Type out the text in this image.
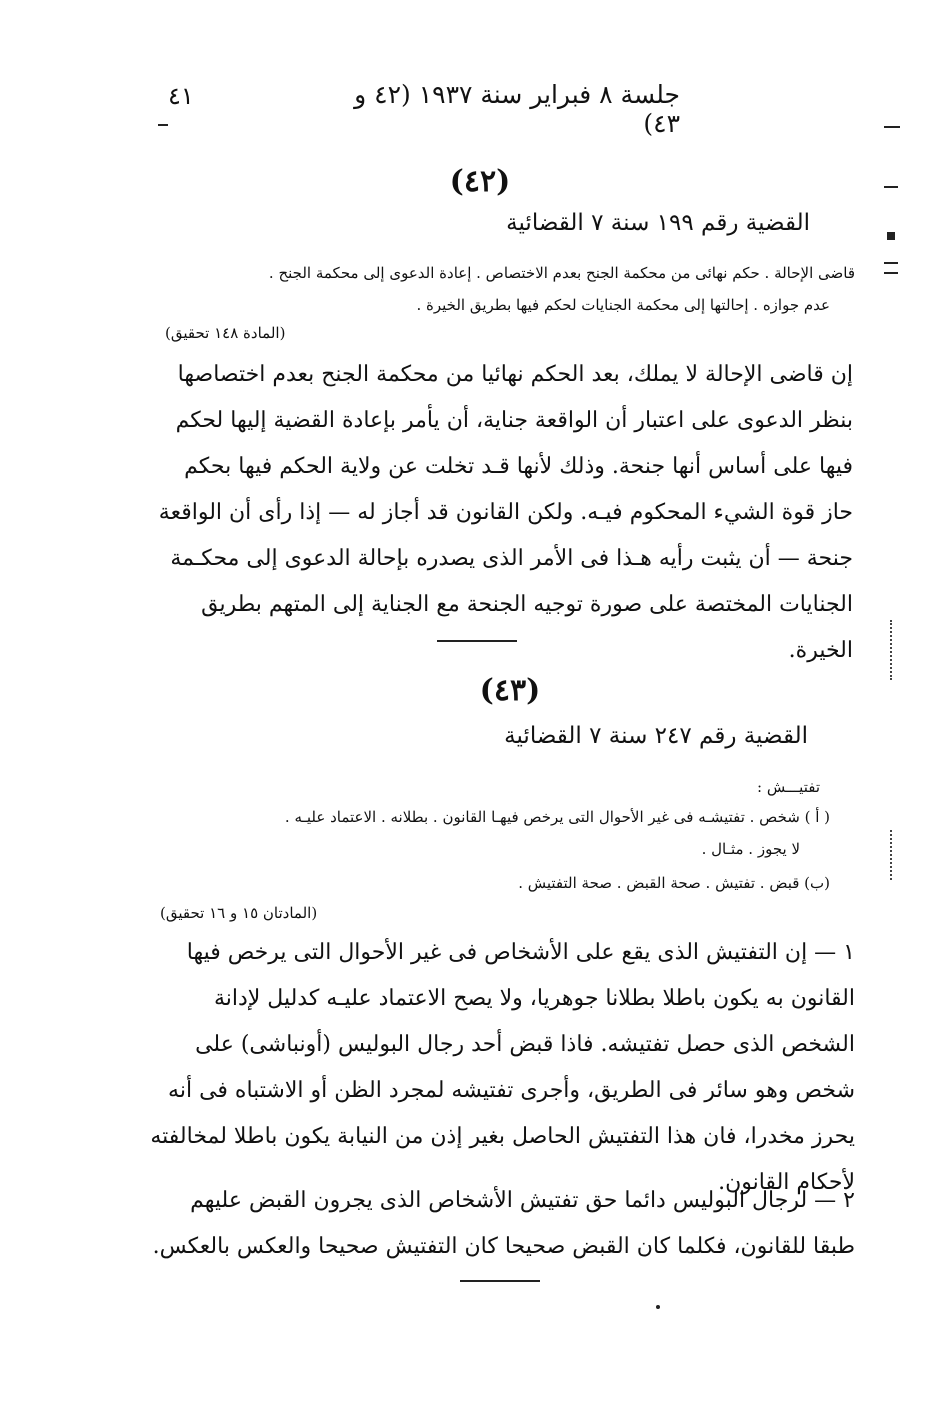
جلسة ٨ فبراير سنة ١٩٣٧ (٤٢ و ٤٣)
٤١
(٤٢)
القضية رقم ١٩٩ سنة ٧ القضائية
قاضى الإحالة . حكم نهائى من محكمة الجنح بعدم الاختصاص . إعادة الدعوى إلى محكمة الجنح .
عدم جوازه . إحالتها إلى محكمة الجنايات لحكم فيها بطريق الخيرة .
(المادة ١٤٨ تحقيق)
إن قاضى الإحالة لا يملك، بعد الحكم نهائيا من محكمة الجنح بعدم اختصاصها بنظر الدعوى على اعتبار أن الواقعة جناية، أن يأمر بإعادة القضية إليها لحكم فيها على أساس أنها جنحة. وذلك لأنها قـد تخلت عن ولاية الحكم فيها بحكم حاز قوة الشيء المحكوم فيـه. ولكن القانون قد أجاز له — إذا رأى أن الواقعة جنحة — أن يثبت رأيه هـذا فى الأمر الذى يصدره بإحالة الدعوى إلى محكـمة الجنايات المختصة على صورة توجيه الجنحة مع الجناية إلى المتهم بطريق الخيرة.
(٤٣)
القضية رقم ٢٤٧ سنة ٧ القضائية
تفتيـــش :
( أ ) شخص . تفتيشـه فى غير الأحوال التى يرخص فيهـا القانون . بطلانه . الاعتماد عليـه .
لا يجوز . مثـال .
(ب) قبض . تفتيش . صحة القبض . صحة التفتيش .
(المادتان ١٥ و ١٦ تحقيق)
١ — إن التفتيش الذى يقع على الأشخاص فى غير الأحوال التى يرخص فيها القانون به يكون باطلا بطلانا جوهريا، ولا يصح الاعتماد عليـه كدليل لإدانة الشخص الذى حصل تفتيشه. فاذا قبض أحد رجال البوليس (أونباشى) على شخص وهو سائر فى الطريق، وأجرى تفتيشه لمجرد الظن أو الاشتباه فى أنه يحرز مخدرا، فان هذا التفتيش الحاصل بغير إذن من النيابة يكون باطلا لمخالفته لأحكام القانون.
٢ — لرجال البوليس دائما حق تفتيش الأشخاص الذى يجرون القبض عليهم طبقا للقانون، فكلما كان القبض صحيحا كان التفتيش صحيحا والعكس بالعكس.
